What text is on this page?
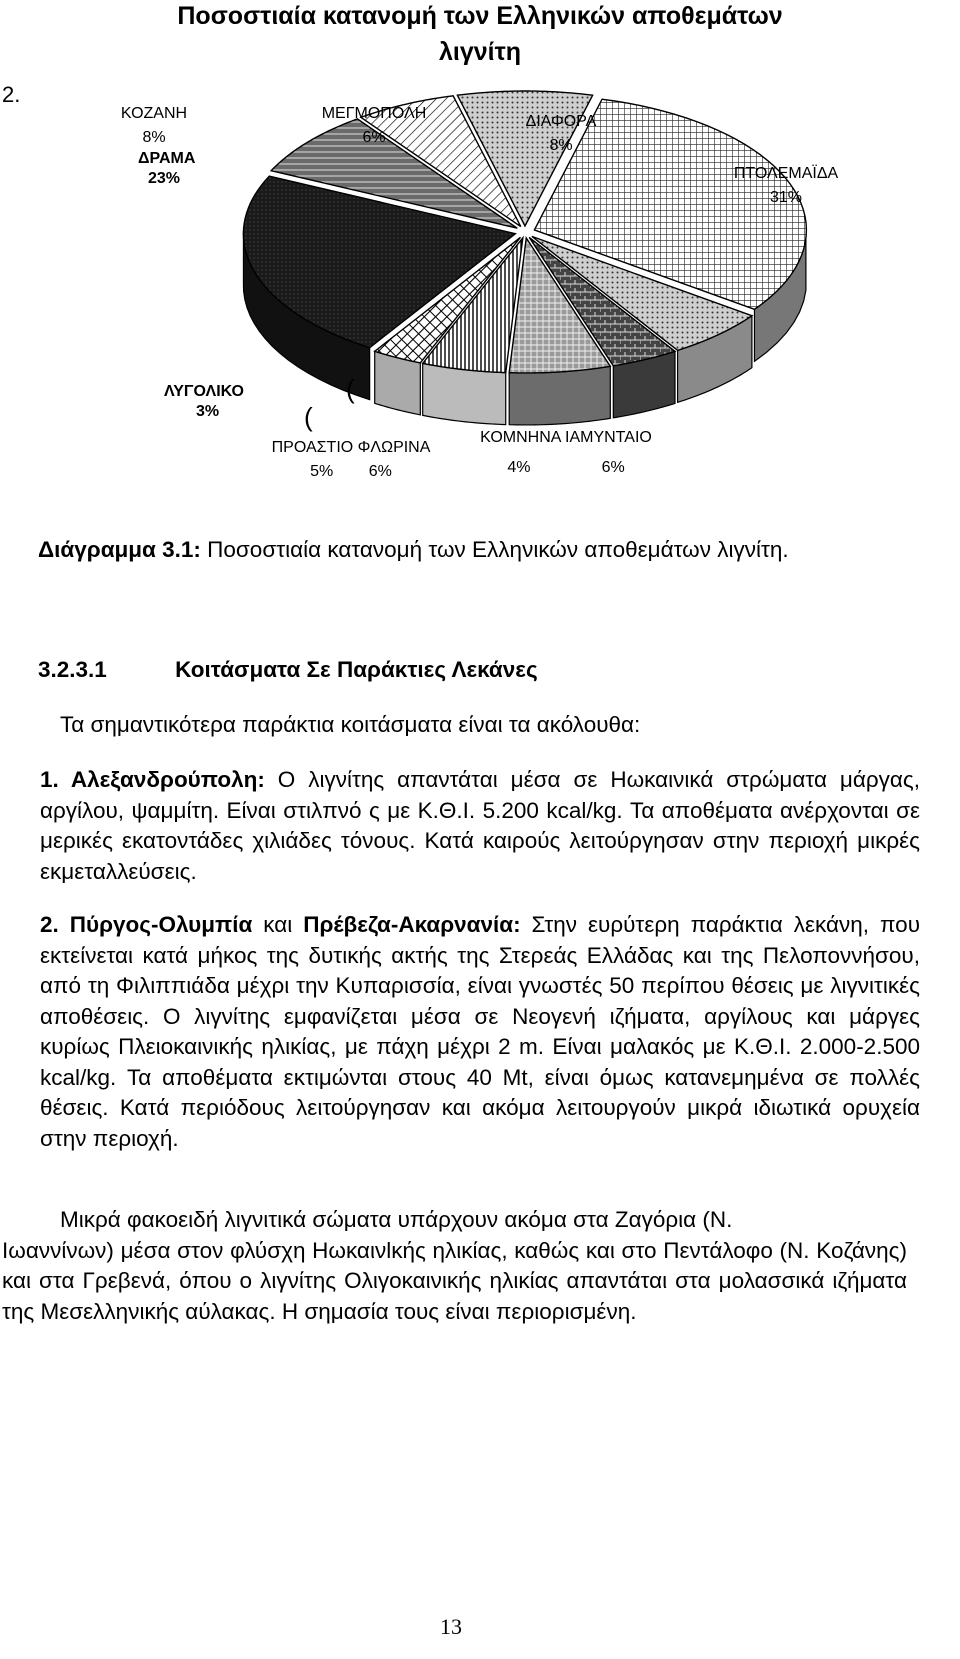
Ποσοστιαία κατανομή των Ελληνικών αποθεμάτων
λιγνίτη
2.
ΔΡΑΜΑ
23%
ΛΥΓΟΛΙΚΟ
3%
(
(
ΚΟΖΑΝΗ
8%
ΜΕΓΜΟΠΟΛΗ
6%
ΔΙΑΦΟΡΑ
8%
ΠΤΟΛΕΜΑΪΔΑ
31%
ΠΡΟΑΣΤΙΟ ΦΛΩΡΙΝΑ
5%        6%
ΚΟΜΝΗΝΑ ΙΑΜΥΝΤΑΙΟ
4%                6%
Διάγραμμα 3.1: Ποσοστιαία κατανομή των Ελληνικών αποθεμάτων λιγνίτη.
3.2.3.1	Κοιτάσματα Σε Παράκτιες Λεκάνες
Τα σημαντικότερα παράκτια κοιτάσματα είναι τα ακόλουθα:
1. Αλεξανδρούπολη: Ο λιγνίτης απαντάται μέσα σε Ηωκαινικά στρώματα μάργας, αργίλου, ψαμμίτη. Είναι στιλπνό ς με Κ.Θ.Ι. 5.200 kcal/kg. Τα αποθέματα ανέρχονται σε μερικές εκατοντάδες χιλιάδες τόνους. Κατά καιρούς λειτούργησαν στην περιοχή μικρές εκμεταλλεύσεις.
2. Πύργος-Ολυμπία και Πρέβεζα-Ακαρνανία: Στην ευρύτερη παράκτια λεκάνη, που εκτείνεται κατά μήκος της δυτικής ακτής της Στερεάς Ελλάδας και της Πελοποννήσου, από τη Φιλιππιάδα μέχρι την Κυπαρισσία, είναι γνωστές 50 περίπου θέσεις με λιγνιτικές αποθέσεις. Ο λιγνίτης εμφανίζεται μέσα σε Νεογενή ιζήματα, αργίλους και μάργες κυρίως Πλειοκαινικής ηλικίας, με πάχη μέχρι 2 m. Είναι μαλακός με Κ.Θ.Ι. 2.000-2.500 kcal/kg. Τα αποθέματα εκτιμώνται στους 40 Mt, είναι όμως κατανεμημένα σε πολλές θέσεις. Κατά περιόδους λειτούργησαν και ακόμα λειτουργούν μικρά ιδιωτικά ορυχεία στην περιοχή.
Μικρά φακοειδή λιγνιτικά σώματα υπάρχουν ακόμα στα Ζαγόρια (Ν.
Ιωαννίνων) μέσα στον φλύσχη Ηωκαινlκής ηλικίας, καθώς και στο Πεντάλοφο (Ν. Κοζάνης) και στα Γρεβενά, όπου ο λιγνίτης Ολιγοκαινικής ηλικίας απαντάται στα μολασσικά ιζήματα της Μεσελληνικής αύλακας. Η σημασία τους είναι περιορισμένη.
13
